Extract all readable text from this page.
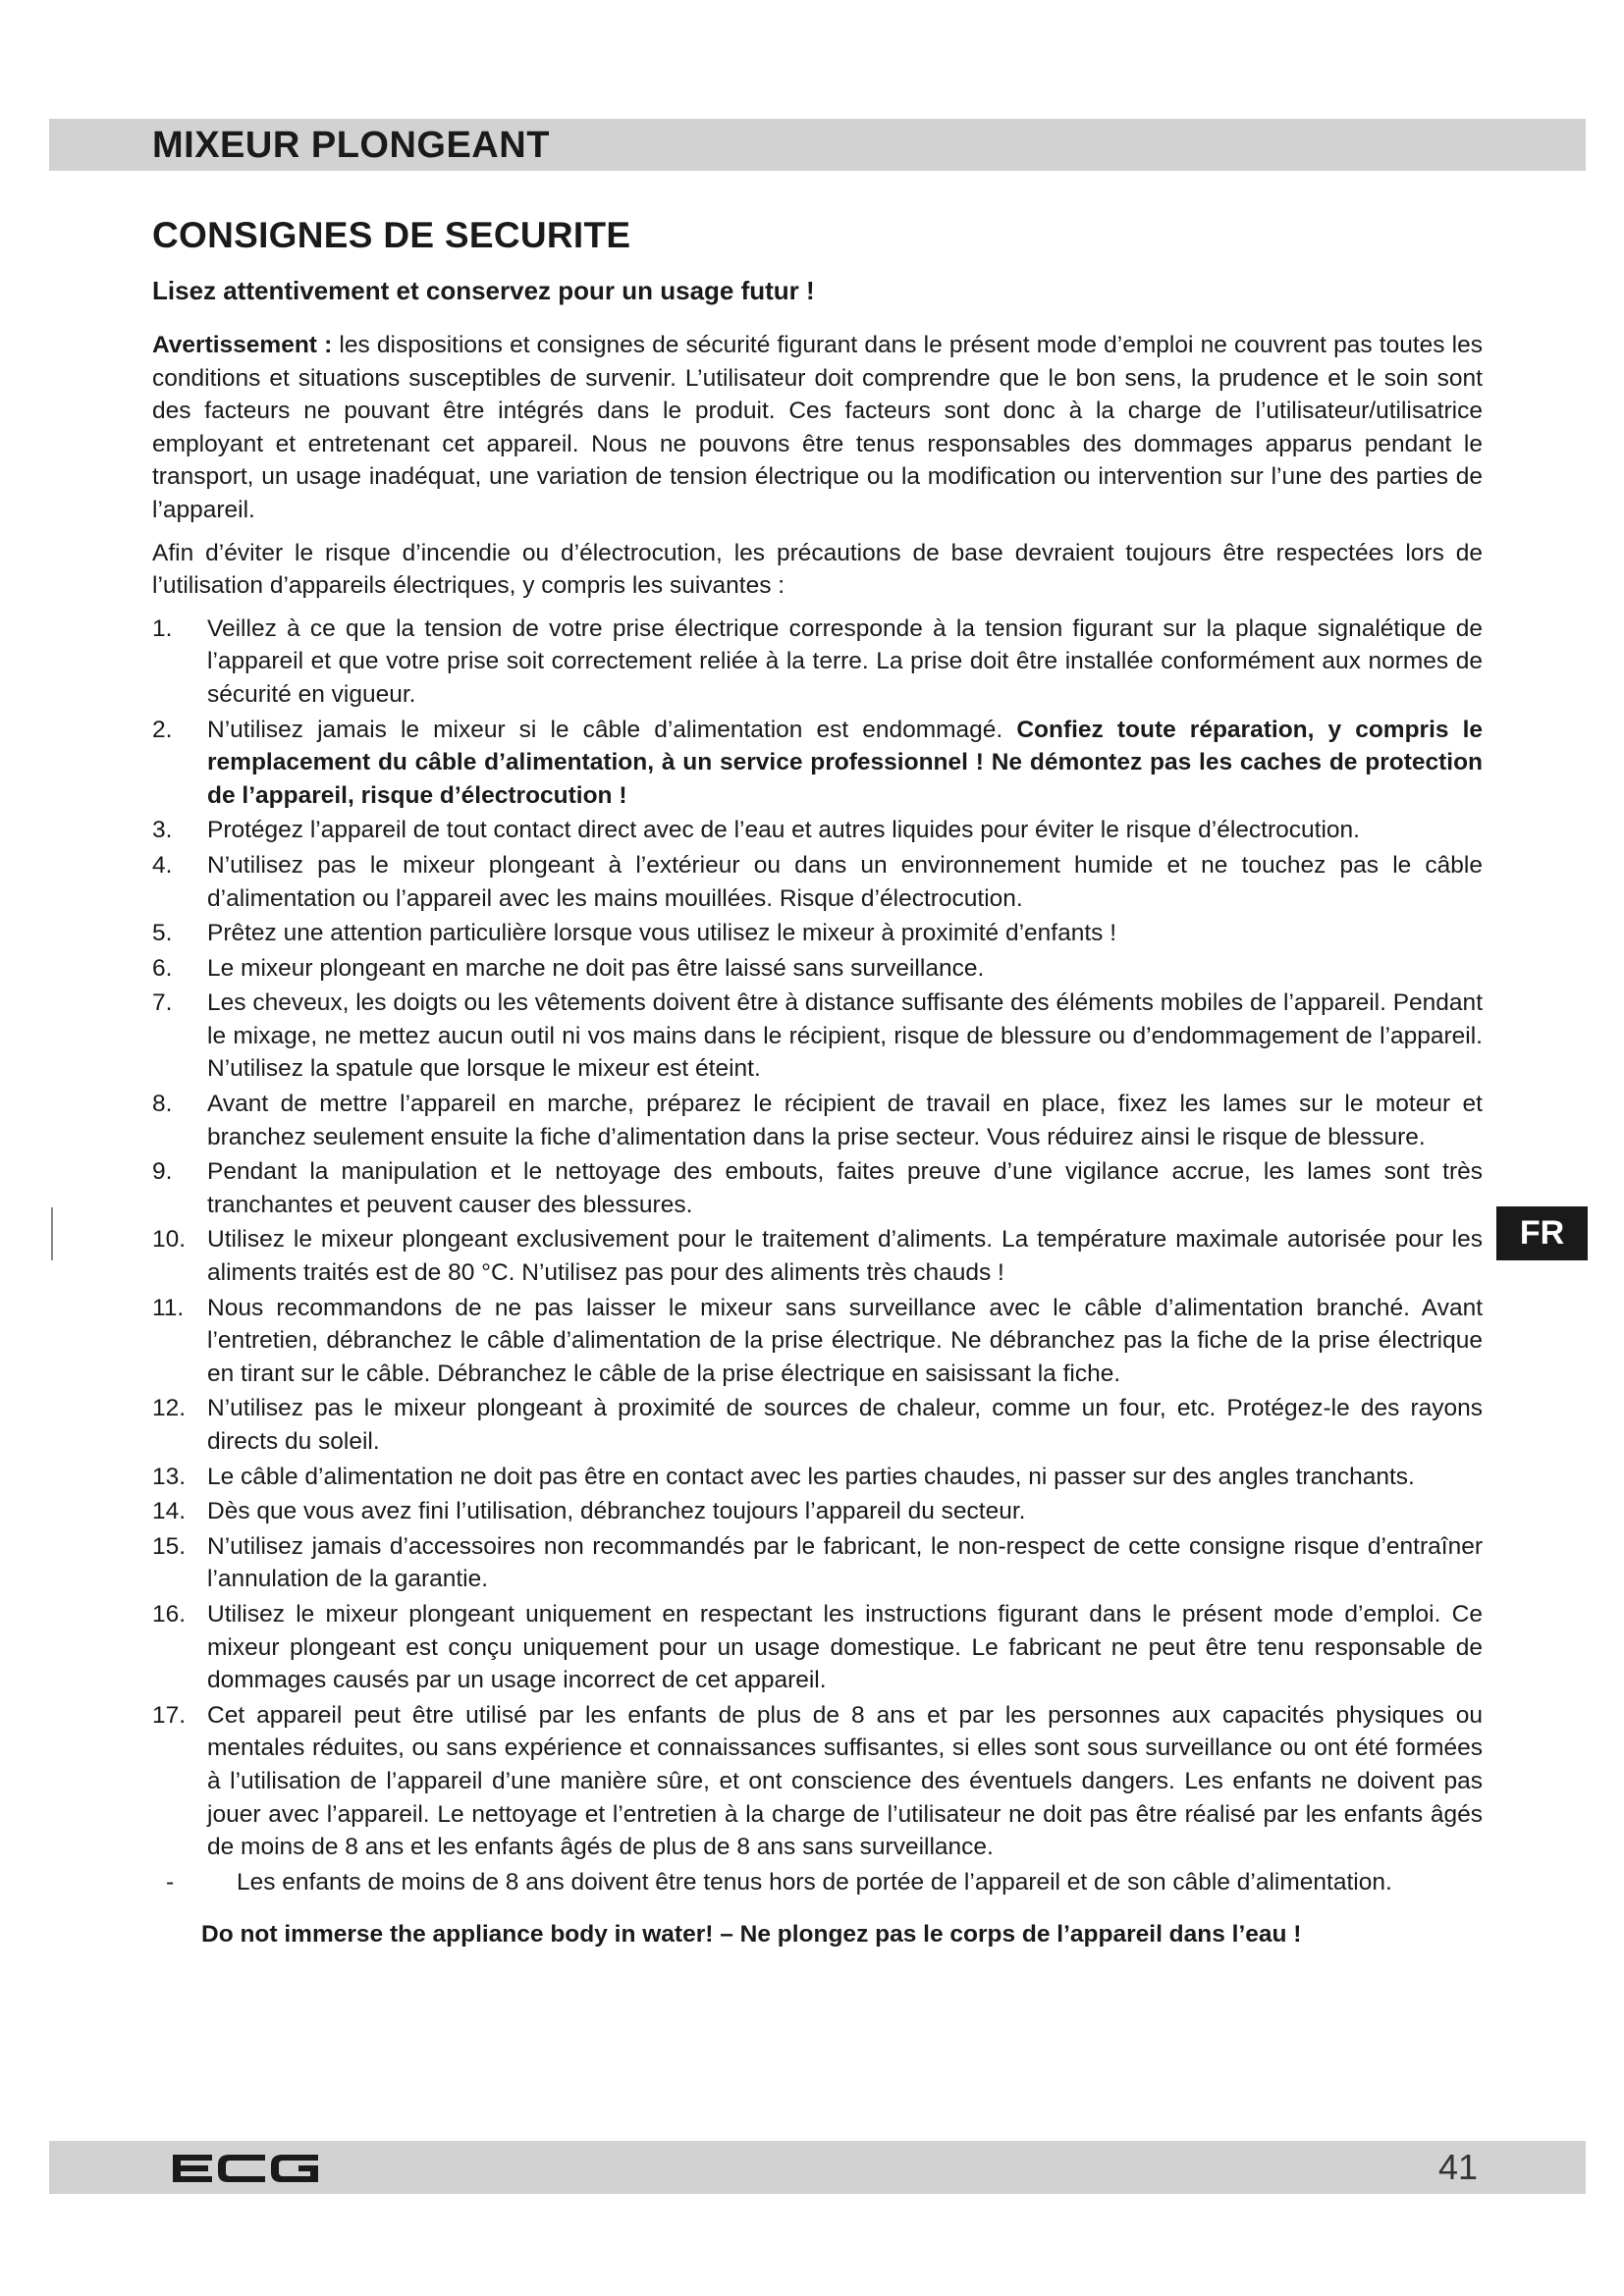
MIXEUR PLONGEANT
CONSIGNES DE SECURITE
Lisez attentivement et conservez pour un usage futur !

Avertissement : les dispositions et consignes de sécurité figurant dans le présent mode d’emploi ne couvrent pas toutes les conditions et situations susceptibles de survenir. L’utilisateur doit comprendre que le bon sens, la prudence et le soin sont des facteurs ne pouvant être intégrés dans le produit. Ces facteurs sont donc à la charge de l’utilisateur/utilisatrice employant et entretenant cet appareil. Nous ne pouvons être tenus responsables des dommages apparus pendant le transport, un usage inadéquat, une variation de tension électrique ou la modification ou intervention sur l’une des parties de l’appareil.

Afin d’éviter le risque d’incendie ou d’électrocution, les précautions de base devraient toujours être respectées lors de l’utilisation d’appareils électriques, y compris les suivantes :

1. Veillez à ce que la tension de votre prise électrique corresponde à la tension figurant sur la plaque signalétique de l’appareil et que votre prise soit correctement reliée à la terre. La prise doit être installée conformément aux normes de sécurité en vigueur.
2. N’utilisez jamais le mixeur si le câble d’alimentation est endommagé. Confiez toute réparation, y compris le remplacement du câble d’alimentation, à un service professionnel ! Ne démontez pas les caches de protection de l’appareil, risque d’électrocution !
3. Protégez l’appareil de tout contact direct avec de l’eau et autres liquides pour éviter le risque d’électrocution.
4. N’utilisez pas le mixeur plongeant à l’extérieur ou dans un environnement humide et ne touchez pas le câble d’alimentation ou l’appareil avec les mains mouillées. Risque d’électrocution.
5. Prêtez une attention particulière lorsque vous utilisez le mixeur à proximité d’enfants !
6. Le mixeur plongeant en marche ne doit pas être laissé sans surveillance.
7. Les cheveux, les doigts ou les vêtements doivent être à distance suffisante des éléments mobiles de l’appareil. Pendant le mixage, ne mettez aucun outil ni vos mains dans le récipient, risque de blessure ou d’endommagement de l’appareil. N’utilisez la spatule que lorsque le mixeur est éteint.
8. Avant de mettre l’appareil en marche, préparez le récipient de travail en place, fixez les lames sur le moteur et branchez seulement ensuite la fiche d’alimentation dans la prise secteur. Vous réduirez ainsi le risque de blessure.
9. Pendant la manipulation et le nettoyage des embouts, faites preuve d’une vigilance accrue, les lames sont très tranchantes et peuvent causer des blessures.
10. Utilisez le mixeur plongeant exclusivement pour le traitement d’aliments. La température maximale autorisée pour les aliments traités est de 80 °C. N’utilisez pas pour des aliments très chauds !
11. Nous recommandons de ne pas laisser le mixeur sans surveillance avec le câble d’alimentation branché. Avant l’entretien, débranchez le câble d’alimentation de la prise électrique. Ne débranchez pas la fiche de la prise électrique en tirant sur le câble. Débranchez le câble de la prise électrique en saisissant la fiche.
12. N’utilisez pas le mixeur plongeant à proximité de sources de chaleur, comme un four, etc. Protégez-le des rayons directs du soleil.
13. Le câble d’alimentation ne doit pas être en contact avec les parties chaudes, ni passer sur des angles tranchants.
14. Dès que vous avez fini l’utilisation, débranchez toujours l’appareil du secteur.
15. N’utilisez jamais d’accessoires non recommandés par le fabricant, le non-respect de cette consigne risque d’entraîner l’annulation de la garantie.
16. Utilisez le mixeur plongeant uniquement en respectant les instructions figurant dans le présent mode d’emploi. Ce mixeur plongeant est conçu uniquement pour un usage domestique. Le fabricant ne peut être tenu responsable de dommages causés par un usage incorrect de cet appareil.
17. Cet appareil peut être utilisé par les enfants de plus de 8 ans et par les personnes aux capacités physiques ou mentales réduites, ou sans expérience et connaissances suffisantes, si elles sont sous surveillance ou ont été formées à l’utilisation de l’appareil d’une manière sûre, et ont conscience des éventuels dangers. Les enfants ne doivent pas jouer avec l’appareil. Le nettoyage et l’entretien à la charge de l’utilisateur ne doit pas être réalisé par les enfants âgés de moins de 8 ans et les enfants âgés de plus de 8 ans sans surveillance.
-	Les enfants de moins de 8 ans doivent être tenus hors de portée de l’appareil et de son câble d’alimentation.
Do not immerse the appliance body in water! – Ne plongez pas le corps de l’appareil dans l’eau !
FR
41
